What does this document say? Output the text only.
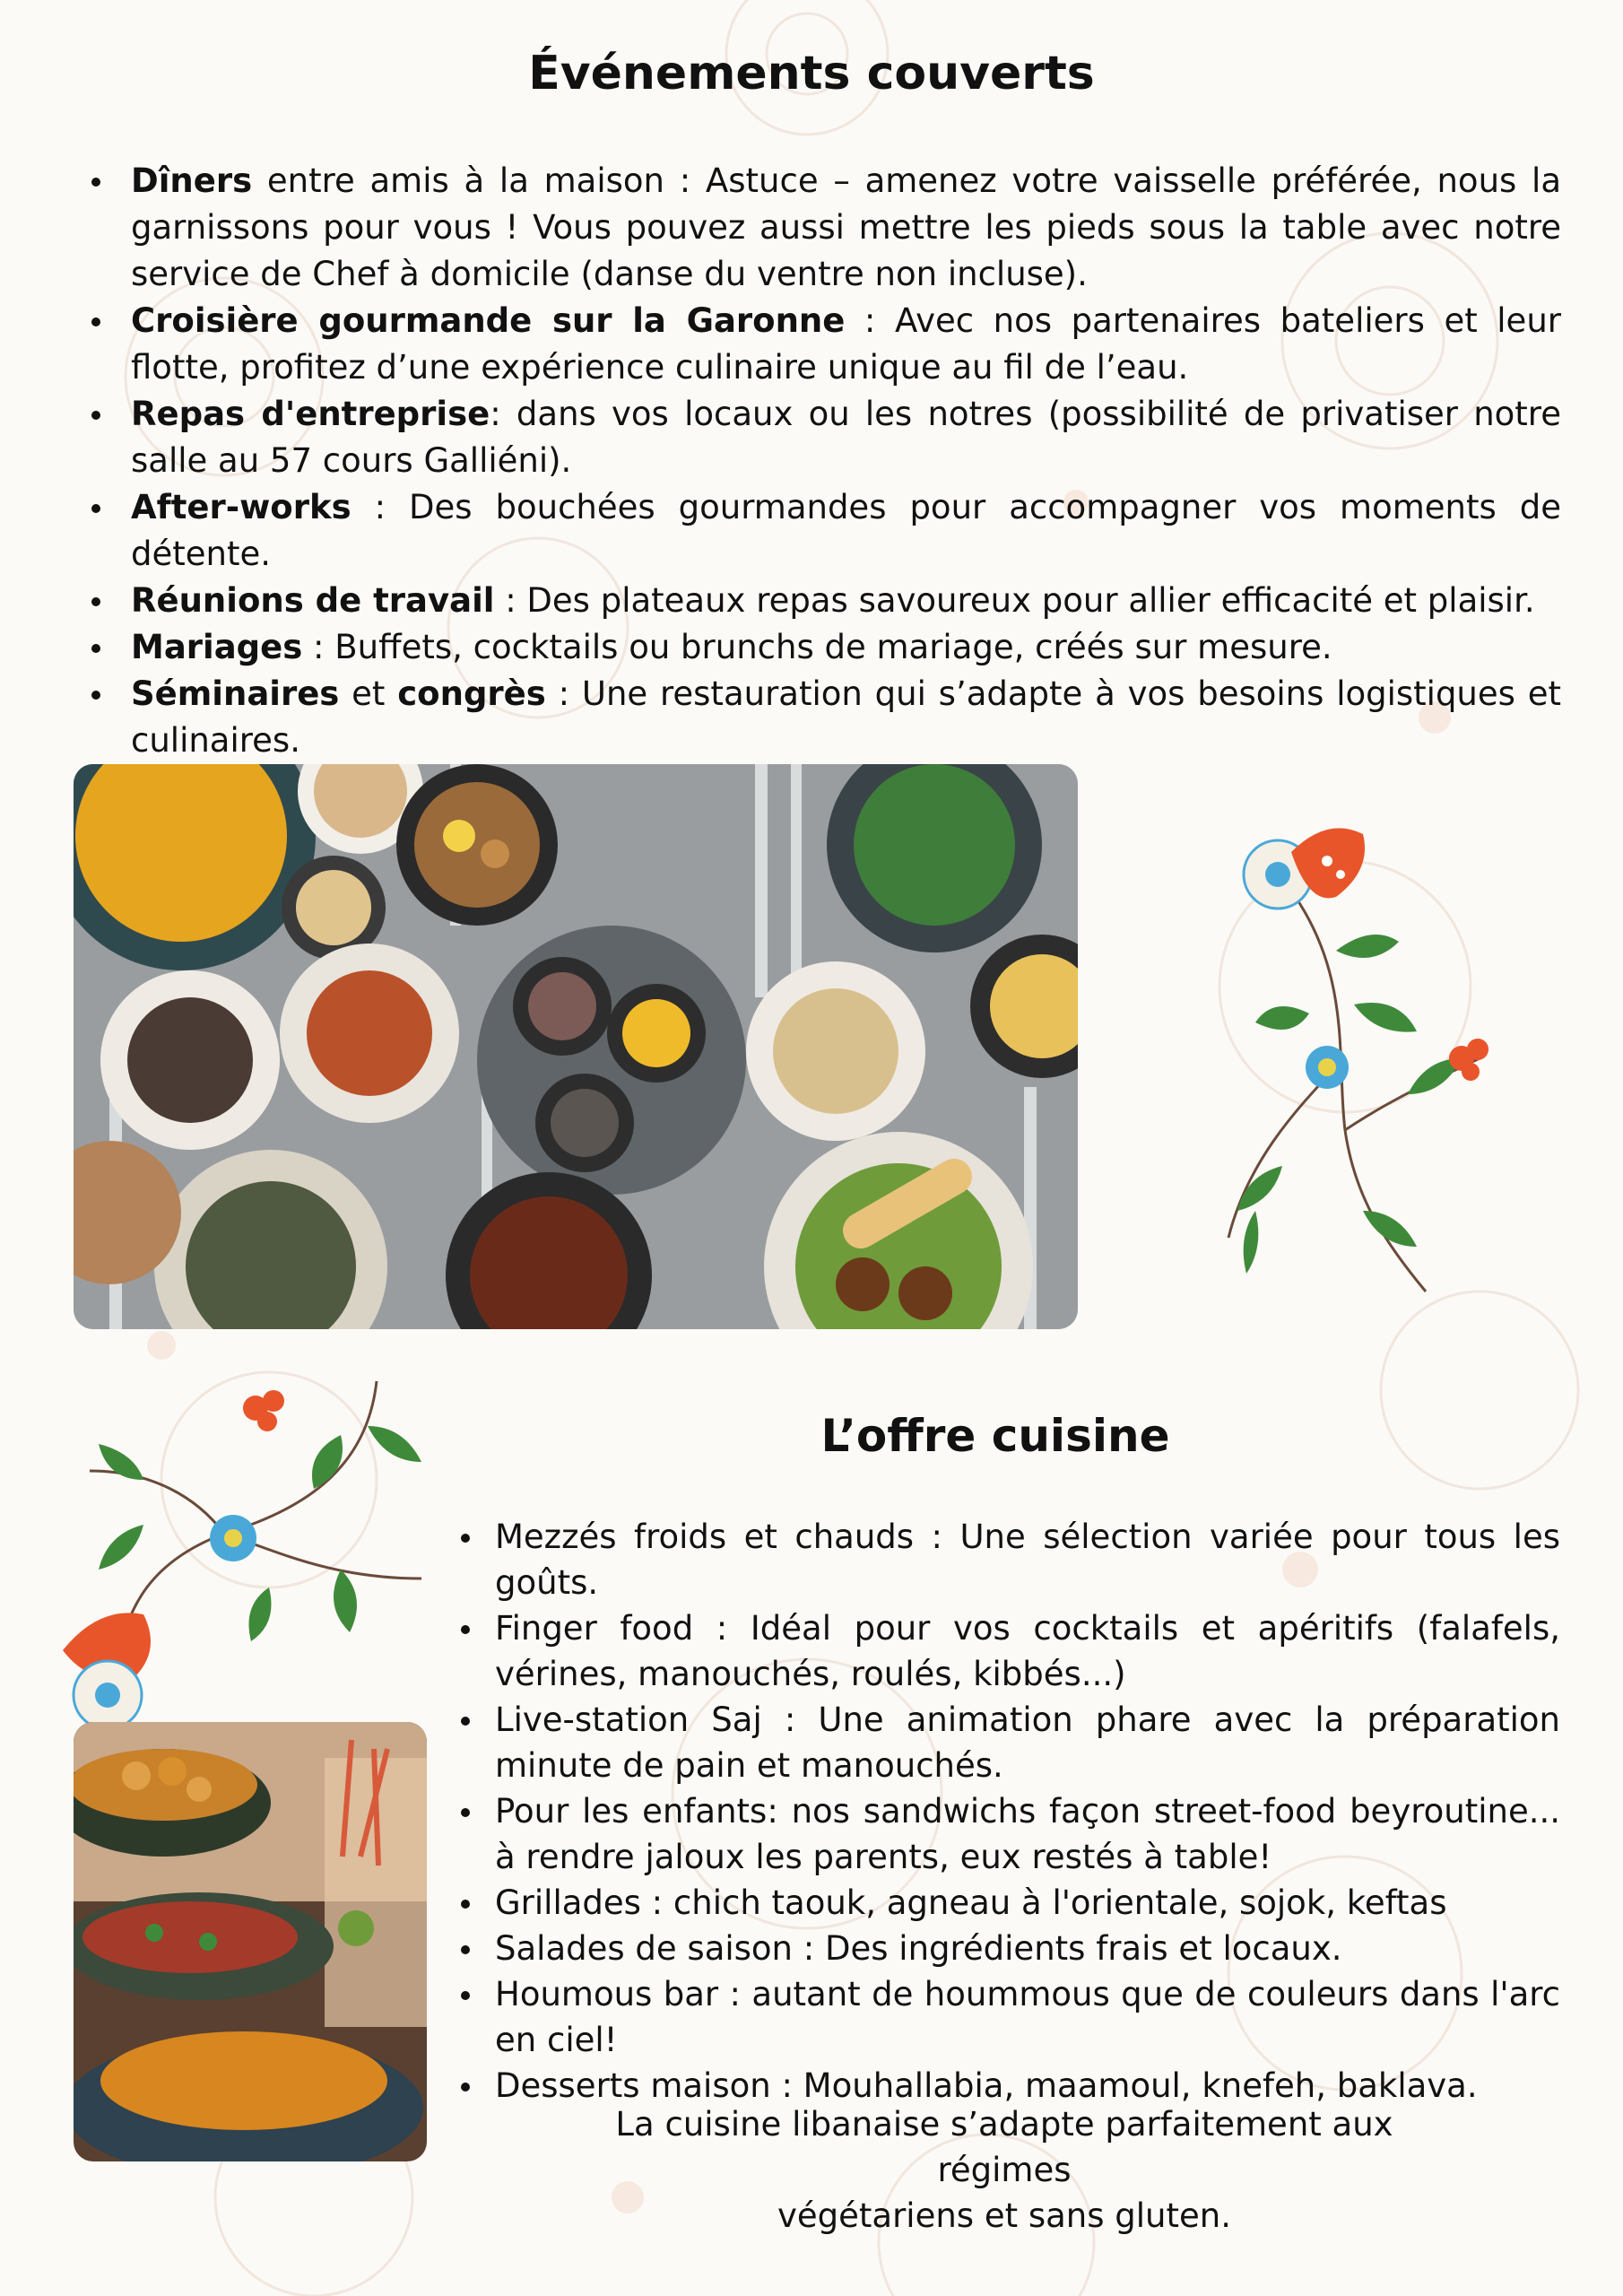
Événements couverts
Dîners entre amis à la maison : Astuce – amenez votre vaisselle préférée, nous la garnissons pour vous ! Vous pouvez aussi mettre les pieds sous la table avec notre service de Chef à domicile (danse du ventre non incluse).
Croisière gourmande sur la Garonne : Avec nos partenaires bateliers et leur flotte, profitez d’une expérience culinaire unique au fil de l’eau.
Repas d'entreprise: dans vos locaux ou les notres (possibilité de privatiser notre salle au 57 cours Galliéni).
After-works : Des bouchées gourmandes pour accompagner vos moments de détente.
Réunions de travail : Des plateaux repas savoureux pour allier efficacité et plaisir.
Mariages : Buffets, cocktails ou brunchs de mariage, créés sur mesure.
Séminaires et congrès : Une restauration qui s’adapte à vos besoins logistiques et culinaires.
L’offre cuisine
Mezzés froids et chauds : Une sélection variée pour tous les goûts.
Finger food : Idéal pour vos cocktails et apéritifs (falafels, vérines, manouchés, roulés, kibbés...)
Live-station Saj : Une animation phare avec la préparation minute de pain et manouchés.
Pour les enfants: nos sandwichs façon street-food beyroutine... à rendre jaloux les parents, eux restés à table!
Grillades : chich taouk, agneau à l'orientale, sojok, keftas
Salades de saison : Des ingrédients frais et locaux.
Houmous bar : autant de hoummous que de couleurs dans l'arc en ciel!
Desserts maison : Mouhallabia, maamoul, knefeh, baklava.
La cuisine libanaise s’adapte parfaitement aux régimes
végétariens et sans gluten.
